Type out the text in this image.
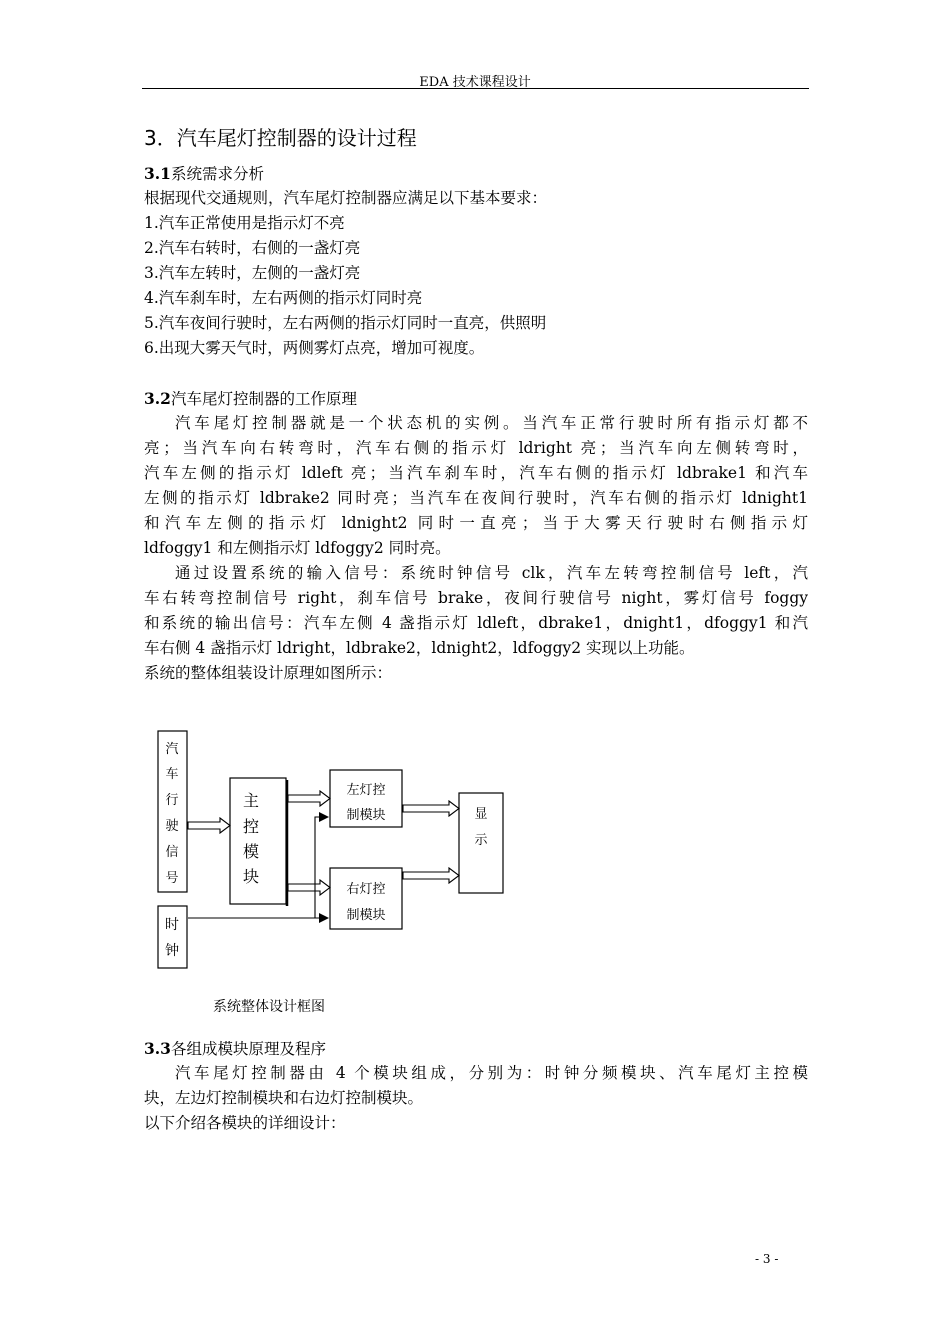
EDA 技术课程设计
3．汽车尾灯控制器的设计过程
3.1系统需求分析
根据现代交通规则，汽车尾灯控制器应满足以下基本要求：
1.汽车正常使用是指示灯不亮
2.汽车右转时，右侧的一盏灯亮
3.汽车左转时，左侧的一盏灯亮
4.汽车刹车时，左右两侧的指示灯同时亮
5.汽车夜间行驶时，左右两侧的指示灯同时一直亮，供照明
6.出现大雾天气时，两侧雾灯点亮，增加可视度。
3.2汽车尾灯控制器的工作原理
汽车尾灯控制器就是一个状态机的实例。当汽车正常行驶时所有指示灯都不
亮；当汽车向右转弯时，汽车右侧的指示灯 ldright 亮；当汽车向左侧转弯时，
汽车左侧的指示灯 ldleft 亮；当汽车刹车时，汽车右侧的指示灯 ldbrake1 和汽车
左侧的指示灯 ldbrake2 同时亮；当汽车在夜间行驶时，汽车右侧的指示灯 ldnight1
和汽车左侧的指示灯 ldnight2 同时一直亮；当于大雾天行驶时右侧指示灯
ldfoggy1 和左侧指示灯 ldfoggy2 同时亮。
通过设置系统的输入信号：系统时钟信号 clk，汽车左转弯控制信号 left，汽
车右转弯控制信号 right，刹车信号 brake，夜间行驶信号 night，雾灯信号 foggy
和系统的输出信号：汽车左侧 4 盏指示灯 ldleft，dbrake1，dnight1，dfoggy1 和汽
车右侧 4 盏指示灯 ldright，ldbrake2，ldnight2，ldfoggy2 实现以上功能。
系统的整体组装设计原理如图所示：
汽
车
行
驶
信
号
时
钟
主
控
模
块
左灯控
制模块
右灯控
制模块
显
示
系统整体设计框图
3.3各组成模块原理及程序
汽车尾灯控制器由 4 个模块组成，分别为：时钟分频模块、汽车尾灯主控模
块，左边灯控制模块和右边灯控制模块。
以下介绍各模块的详细设计：
- 3 -
